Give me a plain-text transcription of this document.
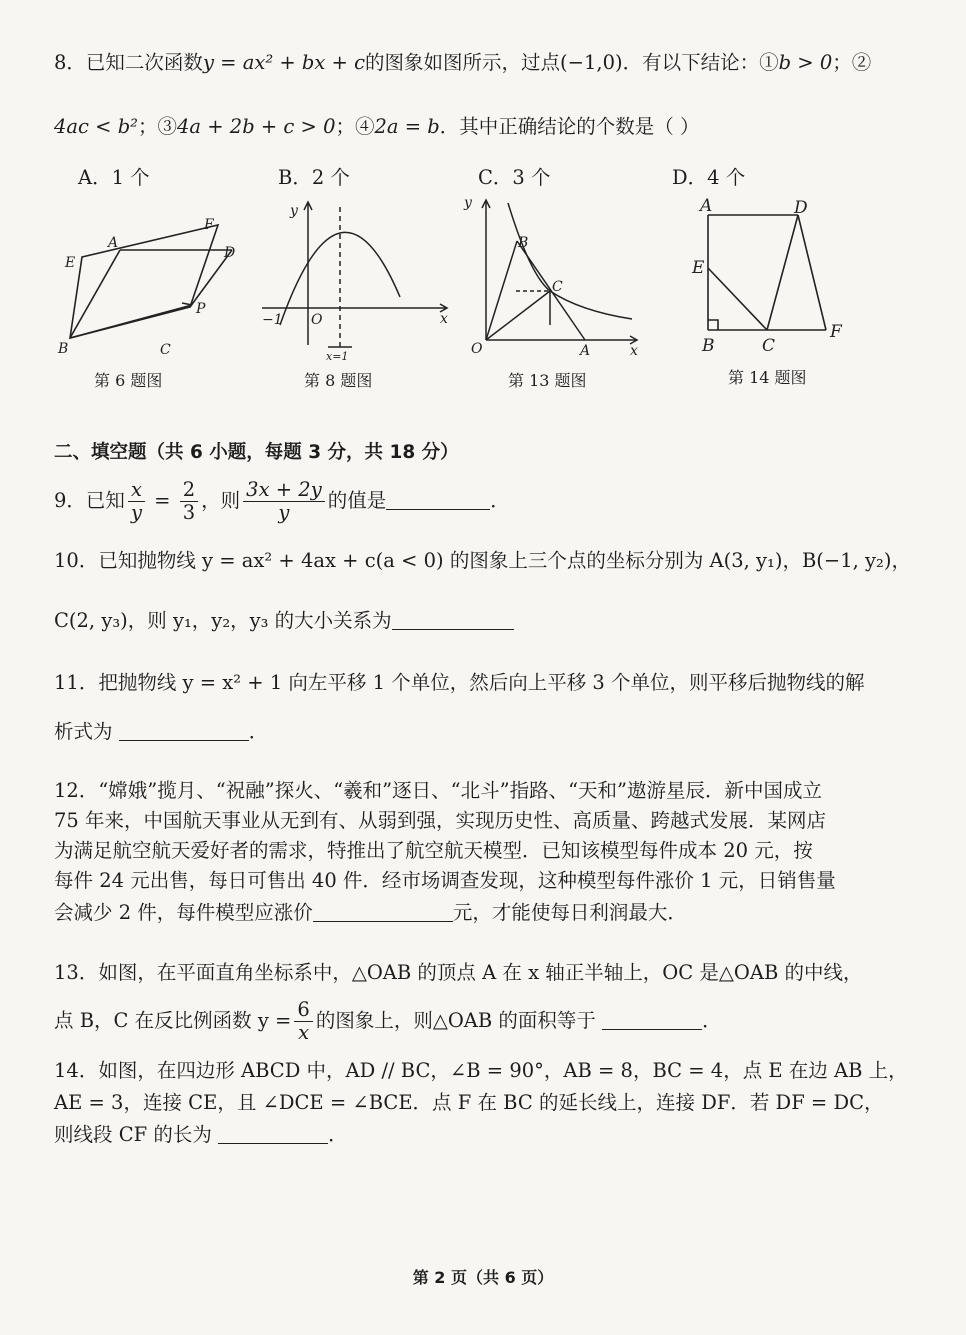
8．已知二次函数y = ax² + bx + c的图象如图所示，过点(−1,0)．有以下结论：①b > 0；②
4ac < b²；③4a + 2b + c > 0；④2a = b．其中正确结论的个数是（ ）
A．1 个	B．2 个	C．3 个	D．4 个
A
B	C
D
E
F
P
y
x
O
−1
x=1
y
x
O	A
B
C
A
B	C
D
E
F
第 6 题图	第 8 题图	第 13 题图	第 14 题图
二、填空题（共 6 小题，每题 3 分，共 18 分）
9．已知 $\frac{x}{y} = \frac{2}{3}$ ，则 $\frac{3x + 2y}{y}$ 的值是	．
10．已知抛物线 y = ax² + 4ax + c(a < 0) 的图象上三个点的坐标分别为 A(3, y₁)，B(−1, y₂)，
C(2, y₃)，则 y₁，y₂，y₃ 的大小关系为
11．把抛物线 y = x² + 1 向左平移 1 个单位，然后向上平移 3 个单位，则平移后抛物线的解
析式为	．
12．“嫦娥”揽月、“祝融”探火、“羲和”逐日、“北斗”指路、“天和”遨游星辰．新中国成立
75 年来，中国航天事业从无到有、从弱到强，实现历史性、高质量、跨越式发展．某网店
为满足航空航天爱好者的需求，特推出了航空航天模型．已知该模型每件成本 20 元，按
每件 24 元出售，每日可售出 40 件．经市场调查发现，这种模型每件涨价 1 元，日销售量
会减少 2 件，每件模型应涨价	元，才能使每日利润最大．
13．如图，在平面直角坐标系中，△OAB 的顶点 A 在 x 轴正半轴上，OC 是△OAB 的中线，
点 B，C 在反比例函数 $y = \frac{6}{x}$ 的图象上，则△OAB 的面积等于	．
14．如图，在四边形 ABCD 中，AD // BC，∠B = 90°，AB = 8，BC = 4，点 E 在边 AB 上，
AE = 3，连接 CE，且 ∠DCE = ∠BCE．点 F 在 BC 的延长线上，连接 DF．若 DF = DC，
则线段 CF 的长为	．
第 2 页（共 6 页）
